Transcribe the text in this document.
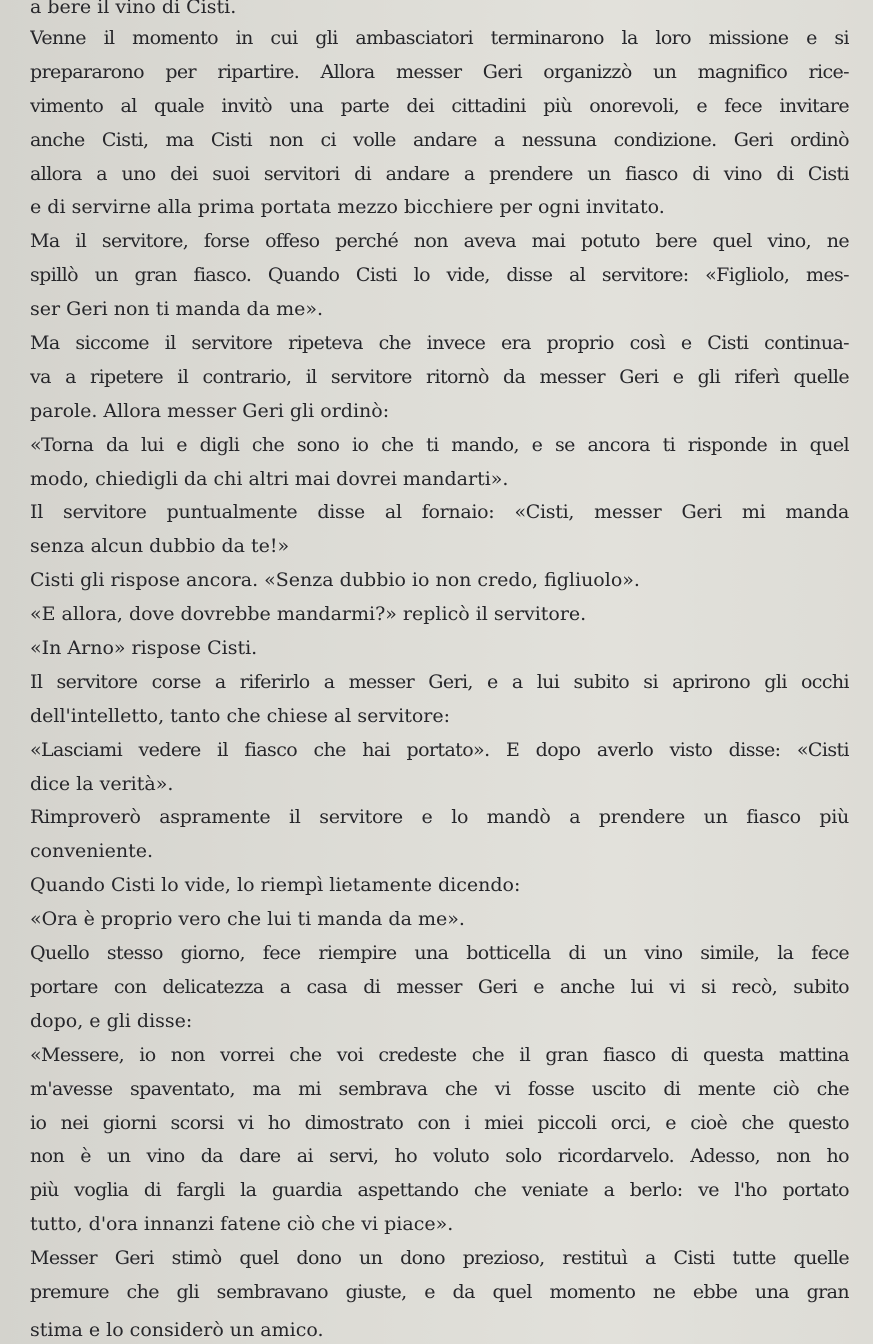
a bere il vino di Cisti.
Venne il momento in cui gli ambasciatori terminarono la loro missione e si
prepararono per ripartire. Allora messer Geri organizzò un magnifico rice-
vimento al quale invitò una parte dei cittadini più onorevoli, e fece invitare
anche Cisti, ma Cisti non ci volle andare a nessuna condizione. Geri ordinò
allora a uno dei suoi servitori di andare a prendere un fiasco di vino di Cisti
e di servirne alla prima portata mezzo bicchiere per ogni invitato.
Ma il servitore, forse offeso perché non aveva mai potuto bere quel vino, ne
spillò un gran fiasco. Quando Cisti lo vide, disse al servitore: «Figliolo, mes-
ser Geri non ti manda da me».
Ma siccome il servitore ripeteva che invece era proprio così e Cisti continua-
va a ripetere il contrario, il servitore ritornò da messer Geri e gli riferì quelle
parole. Allora messer Geri gli ordinò:
«Torna da lui e digli che sono io che ti mando, e se ancora ti risponde in quel
modo, chiedigli da chi altri mai dovrei mandarti».
Il servitore puntualmente disse al fornaio: «Cisti, messer Geri mi manda
senza alcun dubbio da te!»
Cisti gli rispose ancora. «Senza dubbio io non credo, figliuolo».
«E allora, dove dovrebbe mandarmi?» replicò il servitore.
«In Arno» rispose Cisti.
Il servitore corse a riferirlo a messer Geri, e a lui subito si aprirono gli occhi
dell'intelletto, tanto che chiese al servitore:
«Lasciami vedere il fiasco che hai portato». E dopo averlo visto disse: «Cisti
dice la verità».
Rimproverò aspramente il servitore e lo mandò a prendere un fiasco più
conveniente.
Quando Cisti lo vide, lo riempì lietamente dicendo:
«Ora è proprio vero che lui ti manda da me».
Quello stesso giorno, fece riempire una botticella di un vino simile, la fece
portare con delicatezza a casa di messer Geri e anche lui vi si recò, subito
dopo, e gli disse:
«Messere, io non vorrei che voi credeste che il gran fiasco di questa mattina
m'avesse spaventato, ma mi sembrava che vi fosse uscito di mente ciò che
io nei giorni scorsi vi ho dimostrato con i miei piccoli orci, e cioè che questo
non è un vino da dare ai servi, ho voluto solo ricordarvelo. Adesso, non ho
più voglia di fargli la guardia aspettando che veniate a berlo: ve l'ho portato
tutto, d'ora innanzi fatene ciò che vi piace».
Messer Geri stimò quel dono un dono prezioso, restituì a Cisti tutte quelle
premure che gli sembravano giuste, e da quel momento ne ebbe una gran
stima e lo considerò un amico.
